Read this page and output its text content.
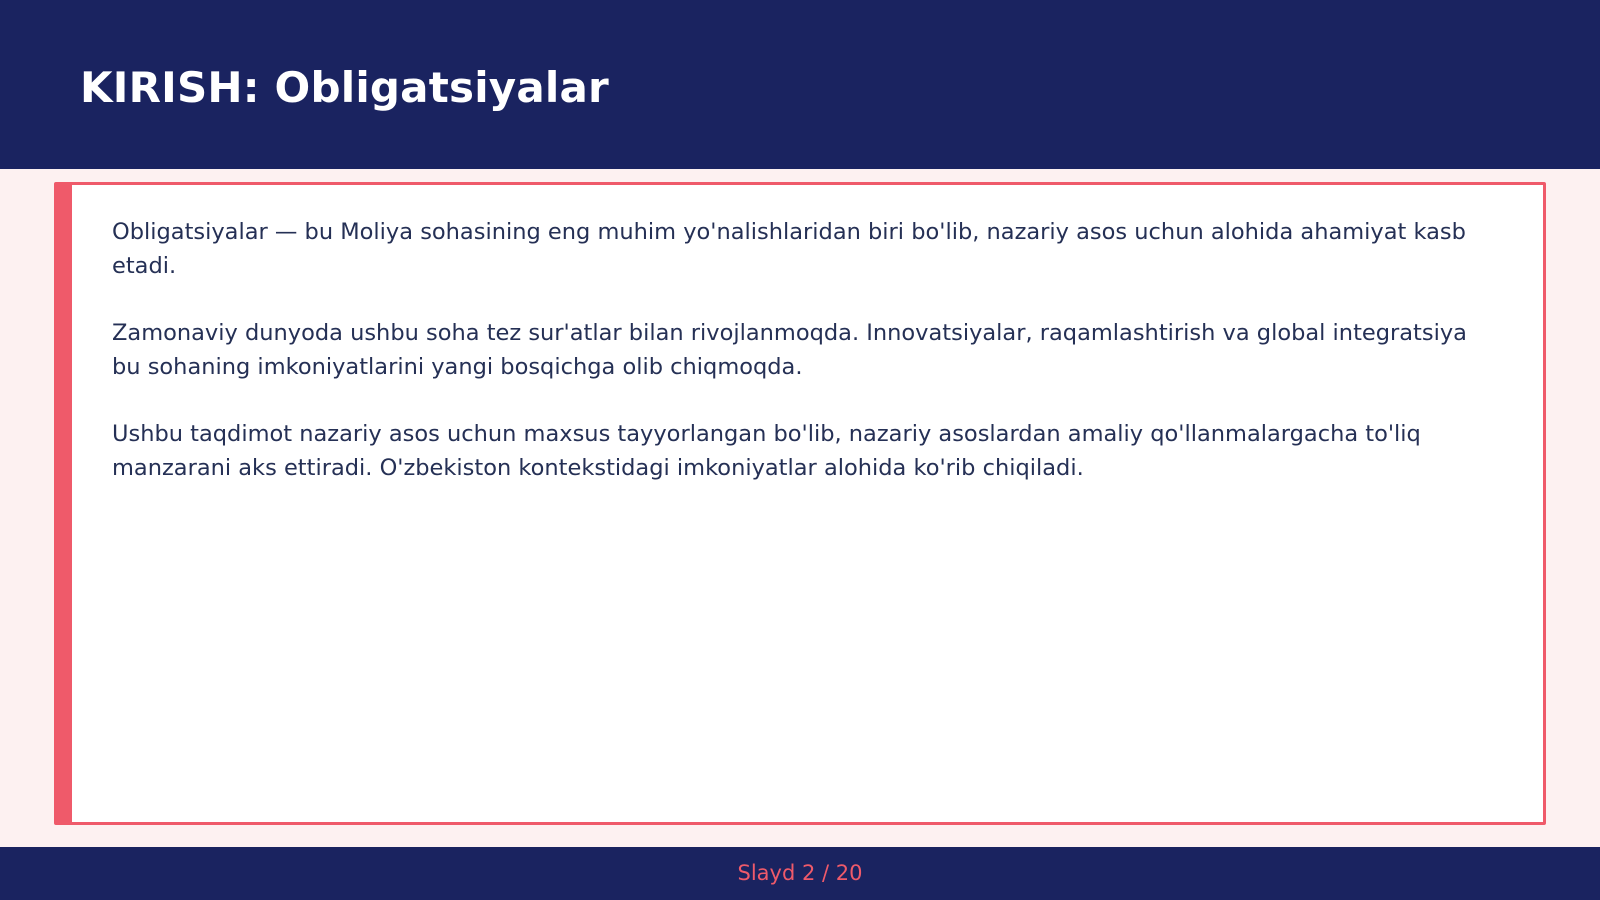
KIRISH: Obligatsiyalar

Obligatsiyalar — bu Moliya sohasining eng muhim yo'nalishlaridan biri bo'lib, nazariy asos uchun alohida ahamiyat kasb etadi.

Zamonaviy dunyoda ushbu soha tez sur'atlar bilan rivojlanmoqda. Innovatsiyalar, raqamlashtirish va global integratsiya bu sohaning imkoniyatlarini yangi bosqichga olib chiqmoqda.

Ushbu taqdimot nazariy asos uchun maxsus tayyorlangan bo'lib, nazariy asoslardan amaliy qo'llanmalargacha to'liq manzarani aks ettiradi. O'zbekiston kontekstidagi imkoniyatlar alohida ko'rib chiqiladi.

Slayd 2 / 20
